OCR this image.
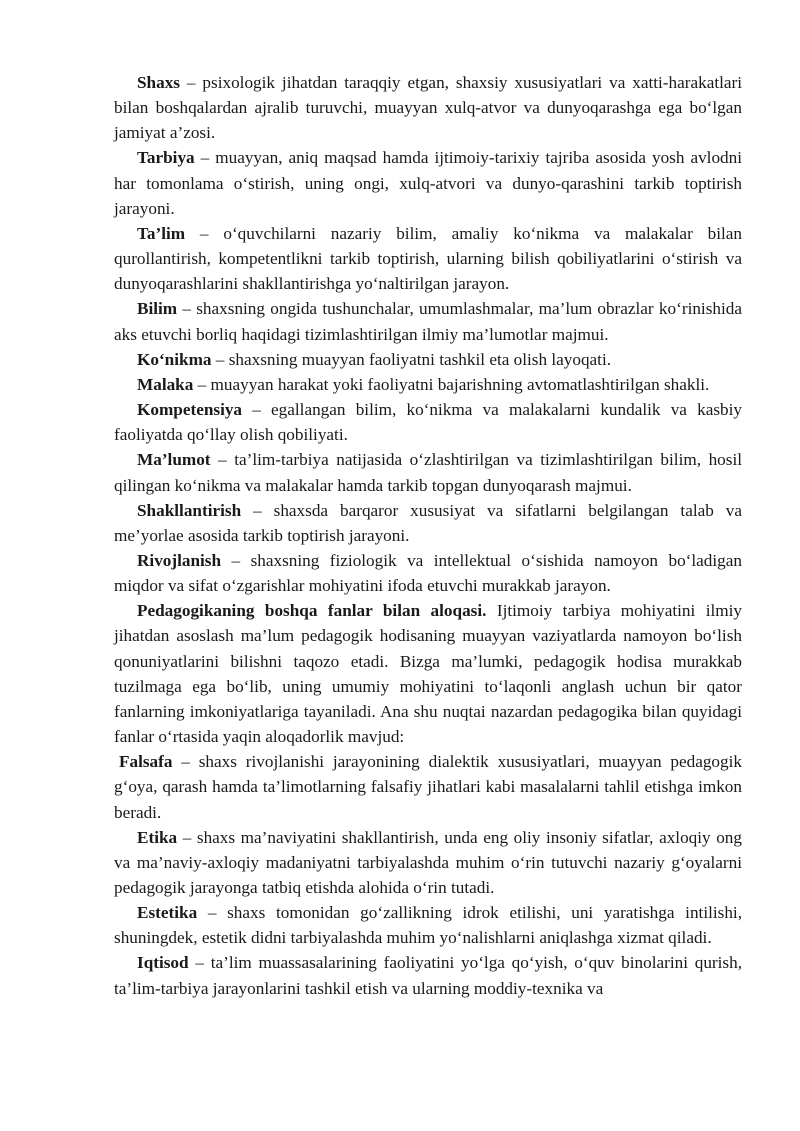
Shaxs – psixologik jihatdan taraqqiy etgan, shaxsiy xususiyatlari va xatti-harakatlari bilan boshqalardan ajralib turuvchi, muayyan xulq-atvor va dunyoqarashga ega bo‘lgan jamiyat a’zosi.

Tarbiya – muayyan, aniq maqsad hamda ijtimoiy-tarixiy tajriba asosida yosh avlodni har tomonlama o‘stirish, uning ongi, xulq-atvori va dunyo-qarashini tarkib toptirish jarayoni.

Ta’lim – o‘quvchilarni nazariy bilim, amaliy ko‘nikma va malakalar bilan qurollantirish, kompetentlikni tarkib toptirish, ularning bilish qobiliyatlarini o‘stirish va dunyoqarashlarini shakllantirishga yo‘naltirilgan jarayon.

Bilim – shaxsning ongida tushunchalar, umumlashmalar, ma’lum obrazlar ko‘rinishida aks etuvchi borliq haqidagi tizimlashtirilgan ilmiy ma’lumotlar majmui.

Ko‘nikma – shaxsning muayyan faoliyatni tashkil eta olish layoqati.

Malaka – muayyan harakat yoki faoliyatni bajarishning avtomatlashtirilgan shakli.

Kompetensiya – egallangan bilim, ko‘nikma va malakalarni kundalik va kasbiy faoliyatda qo‘llay olish qobiliyati.

Ma’lumot – ta’lim-tarbiya natijasida o‘zlashtirilgan va tizimlashtirilgan bilim, hosil qilingan ko‘nikma va malakalar hamda tarkib topgan dunyoqarash majmui.

Shakllantirish – shaxsda barqaror xususiyat va sifatlarni belgilangan talab va me’yorlae asosida tarkib toptirish jarayoni.

Rivojlanish – shaxsning fiziologik va intellektual o‘sishida namoyon bo‘ladigan miqdor va sifat o‘zgarishlar mohiyatini ifoda etuvchi murakkab jarayon.

Pedagogikaning boshqa fanlar bilan aloqasi. Ijtimoiy tarbiya mohiyatini ilmiy jihatdan asoslash ma’lum pedagogik hodisaning muayyan vaziyatlarda namoyon bo‘lish qonuniyatlarini bilishni taqozo etadi. Bizga ma’lumki, pedagogik hodisa murakkab tuzilmaga ega bo‘lib, uning umumiy mohiyatini to‘laqonli anglash uchun bir qator fanlarning imkoniyatlariga tayaniladi. Ana shu nuqtai nazardan pedagogika bilan quyidagi fanlar o‘rtasida yaqin aloqadorlik mavjud:

Falsafa – shaxs rivojlanishi jarayonining dialektik xususiyatlari, muayyan pedagogik g‘oya, qarash hamda ta’limotlarning falsafiy jihatlari kabi masalalarni tahlil etishga imkon beradi.

Etika – shaxs ma’naviyatini shakllantirish, unda eng oliy insoniy sifatlar, axloqiy ong va ma’naviy-axloqiy madaniyatni tarbiyalashda muhim o‘rin tutuvchi nazariy g‘oyalarni pedagogik jarayonga tatbiq etishda alohida o‘rin tutadi.

Estetika – shaxs tomonidan go‘zallikning idrok etilishi, uni yaratishga intilishi, shuningdek, estetik didni tarbiyalashda muhim yo‘nalishlarni aniqlashga xizmat qiladi.

Iqtisod – ta’lim muassasalarining faoliyatini yo‘lga qo‘yish, o‘quv binolarini qurish, ta’lim-tarbiya jarayonlarini tashkil etish va ularning moddiy-texnika va
